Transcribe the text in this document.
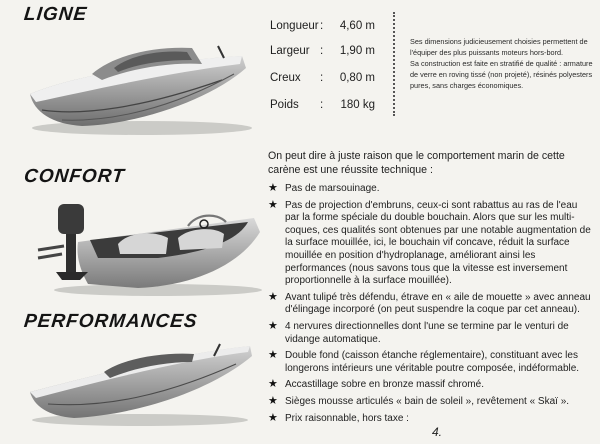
LIGNE
CONFORT
PERFORMANCES
Longueur : 4,60 m
Largeur : 1,90 m
Creux : 0,80 m
Poids : 180 kg

Ses dimensions judicieusement choisies permettent de l'équiper des plus puissants moteurs hors-bord.

Sa construction est faite en stratifié de qualité : armature de verre en roving tissé (non projeté), résinés polyesters pures, sans charges économiques.

On peut dire à juste raison que le comportement marin de cette carène est une réussite technique :

★ Pas de marsouinage.
★ Pas de projection d'embruns, ceux-ci sont rabattus au ras de l'eau par la forme spéciale du double bouchain. Alors que sur les multi-coques, ces qualités sont obtenues par une notable augmentation de la surface mouillée, ici, le bouchain vif concave, réduit la surface mouillée en position d'hydroplanage, améliorant ainsi les performances (nous savons tous que la vitesse est inversement proportionnelle à la surface mouillée).
★ Avant tulipé très défendu, étrave en « aile de mouette » avec anneau d'élingage incorporé (on peut suspendre la coque par cet anneau).
★ 4 nervures directionnelles dont l'une se termine par le venturi de vidange automatique.
★ Double fond (caisson étanche réglementaire), constituant avec les longerons intérieurs une véritable poutre composée, indéformable.
★ Accastillage sobre en bronze massif chromé.
★ Sièges mousse articulés « bain de soleil », revêtement « Skaï ».
★ Prix raisonnable, hors taxe :
4.
